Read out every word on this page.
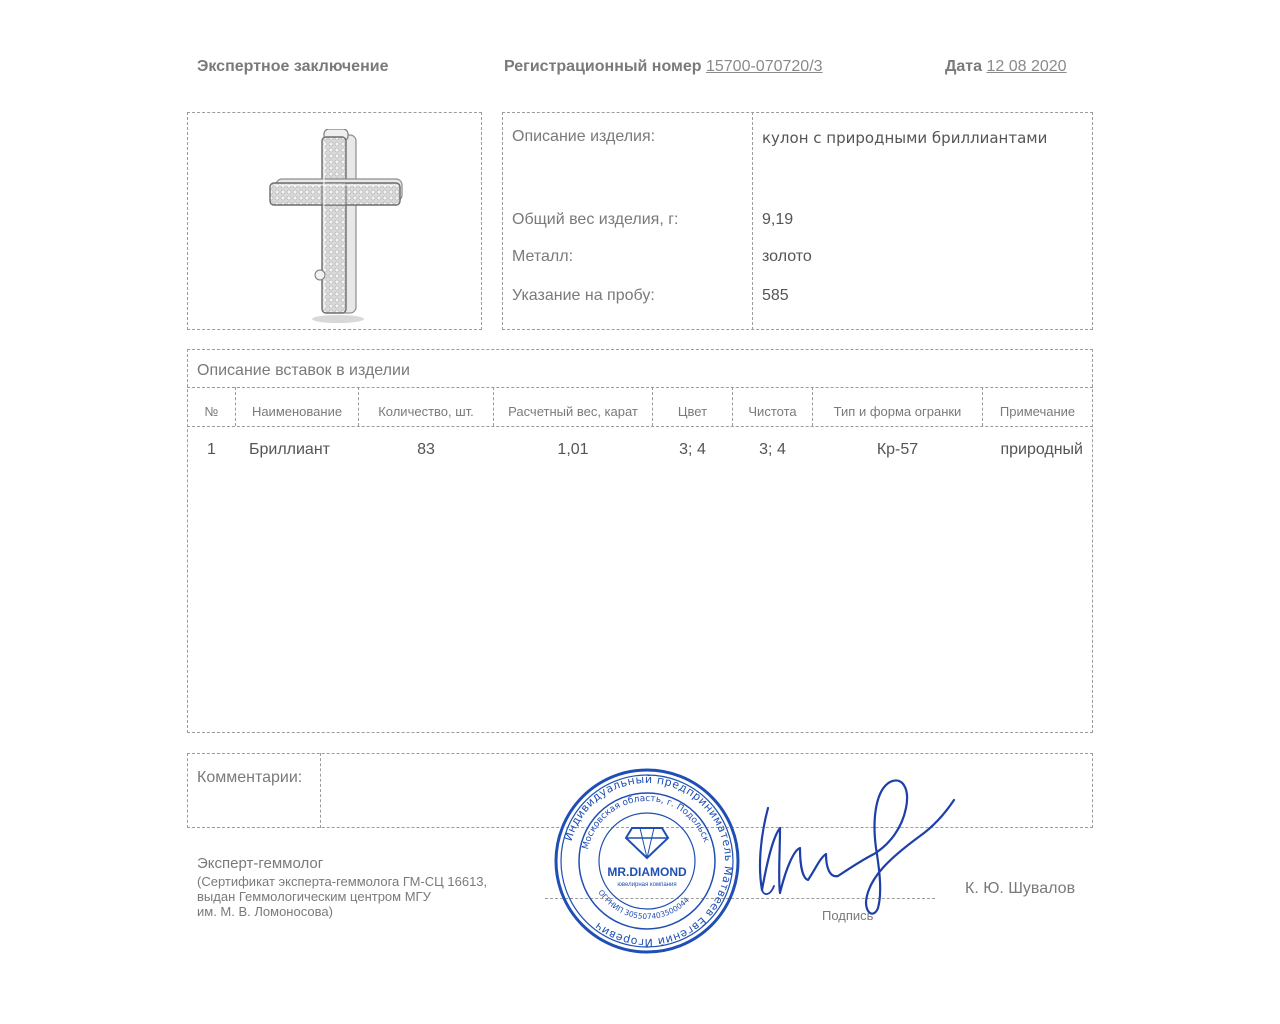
Экспертное заключение	Регистрационный номер 15700-070720/3	Дата 12 08 2020
Описание изделия:	кулон с природными бриллиантами
Общий вес изделия, г:	9,19
Металл:	золото
Указание на пробу:	585
Описание вставок в изделии
№	Наименование	Количество, шт.	Расчетный вес, карат	Цвет	Чистота	Тип и форма огранки	Примечание
1	Бриллиант	83	1,01	3; 4	3; 4	Кр-57	природный
Комментарии:
Эксперт-геммолог
(Сертификат эксперта-геммолога ГМ-СЦ 16613,
выдан Геммологическим центром МГУ
им. М. В. Ломоносова)	Подпись
К. Ю. Шувалов
Индивидуальный предприниматель Матвеев Евгений Игоревич
Московская область, г. Подольск
ОГРНИП 305507403500044
MR.DIAMOND
ювелирная компания
